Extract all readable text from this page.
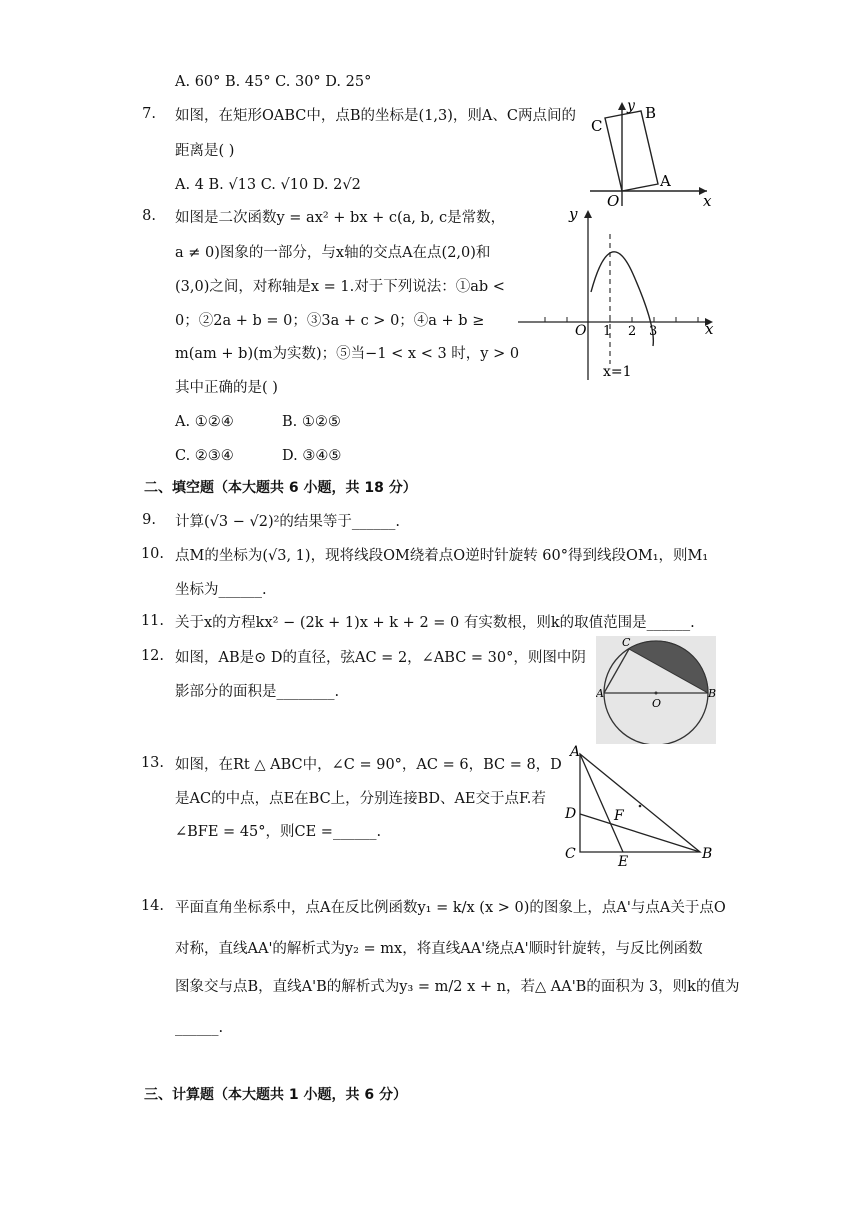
A. 60° B. 45° C. 30° D. 25°
7. 如图，在矩形OABC中，点B的坐标是(1,3)，则A、C两点间的
距离是( )
A. 4 B. √13 C. √10 D. 2√2
C
B
A
O	x
y
8. 如图是二次函数y = ax² + bx + c(a, b, c是常数，
a ≠ 0)图象的一部分，与x轴的交点A在点(2,0)和
(3,0)之间，对称轴是x = 1.对于下列说法：①ab <
0；②2a + b = 0；③3a + c > 0；④a + b ≥
m(am + b)(m为实数)；⑤当−1 < x < 3 时，y > 0
其中正确的是( )
A. ①②④	B. ①②⑤
C. ②③④	D. ③④⑤
y
x
O 1 2 3
x=1
二、填空题（本大题共 6 小题，共 18 分）
9. 计算(√3 − √2)²的结果等于______.
10. 点M的坐标为(√3, 1)，现将线段OM绕着点O逆时针旋转 60°得到线段OM₁，则M₁
坐标为______.
11. 关于x的方程kx² − (2k + 1)x + k + 2 = 0 有实数根，则k的取值范围是______.
12. 如图，AB是⊙ D的直径，弦AC = 2，∠ABC = 30°，则图中阴
影部分的面积是________.
C
A
O
B
13. 如图，在Rt △ ABC中，∠C = 90°，AC = 6，BC = 8，D
是AC的中点，点E在BC上，分别连接BD、AE交于点F.若
∠BFE = 45°，则CE =______.
A
D	F
C	E	B
14. 平面直角坐标系中，点A在反比例函数y₁ = k/x (x > 0)的图象上，点A'与点A关于点O
对称，直线AA'的解析式为y₂ = mx，将直线AA'绕点A'顺时针旋转，与反比例函数
图象交与点B，直线A'B的解析式为y₃ = m/2 x + n，若△ AA'B的面积为 3，则k的值为
______.
三、计算题（本大题共 1 小题，共 6 分）
